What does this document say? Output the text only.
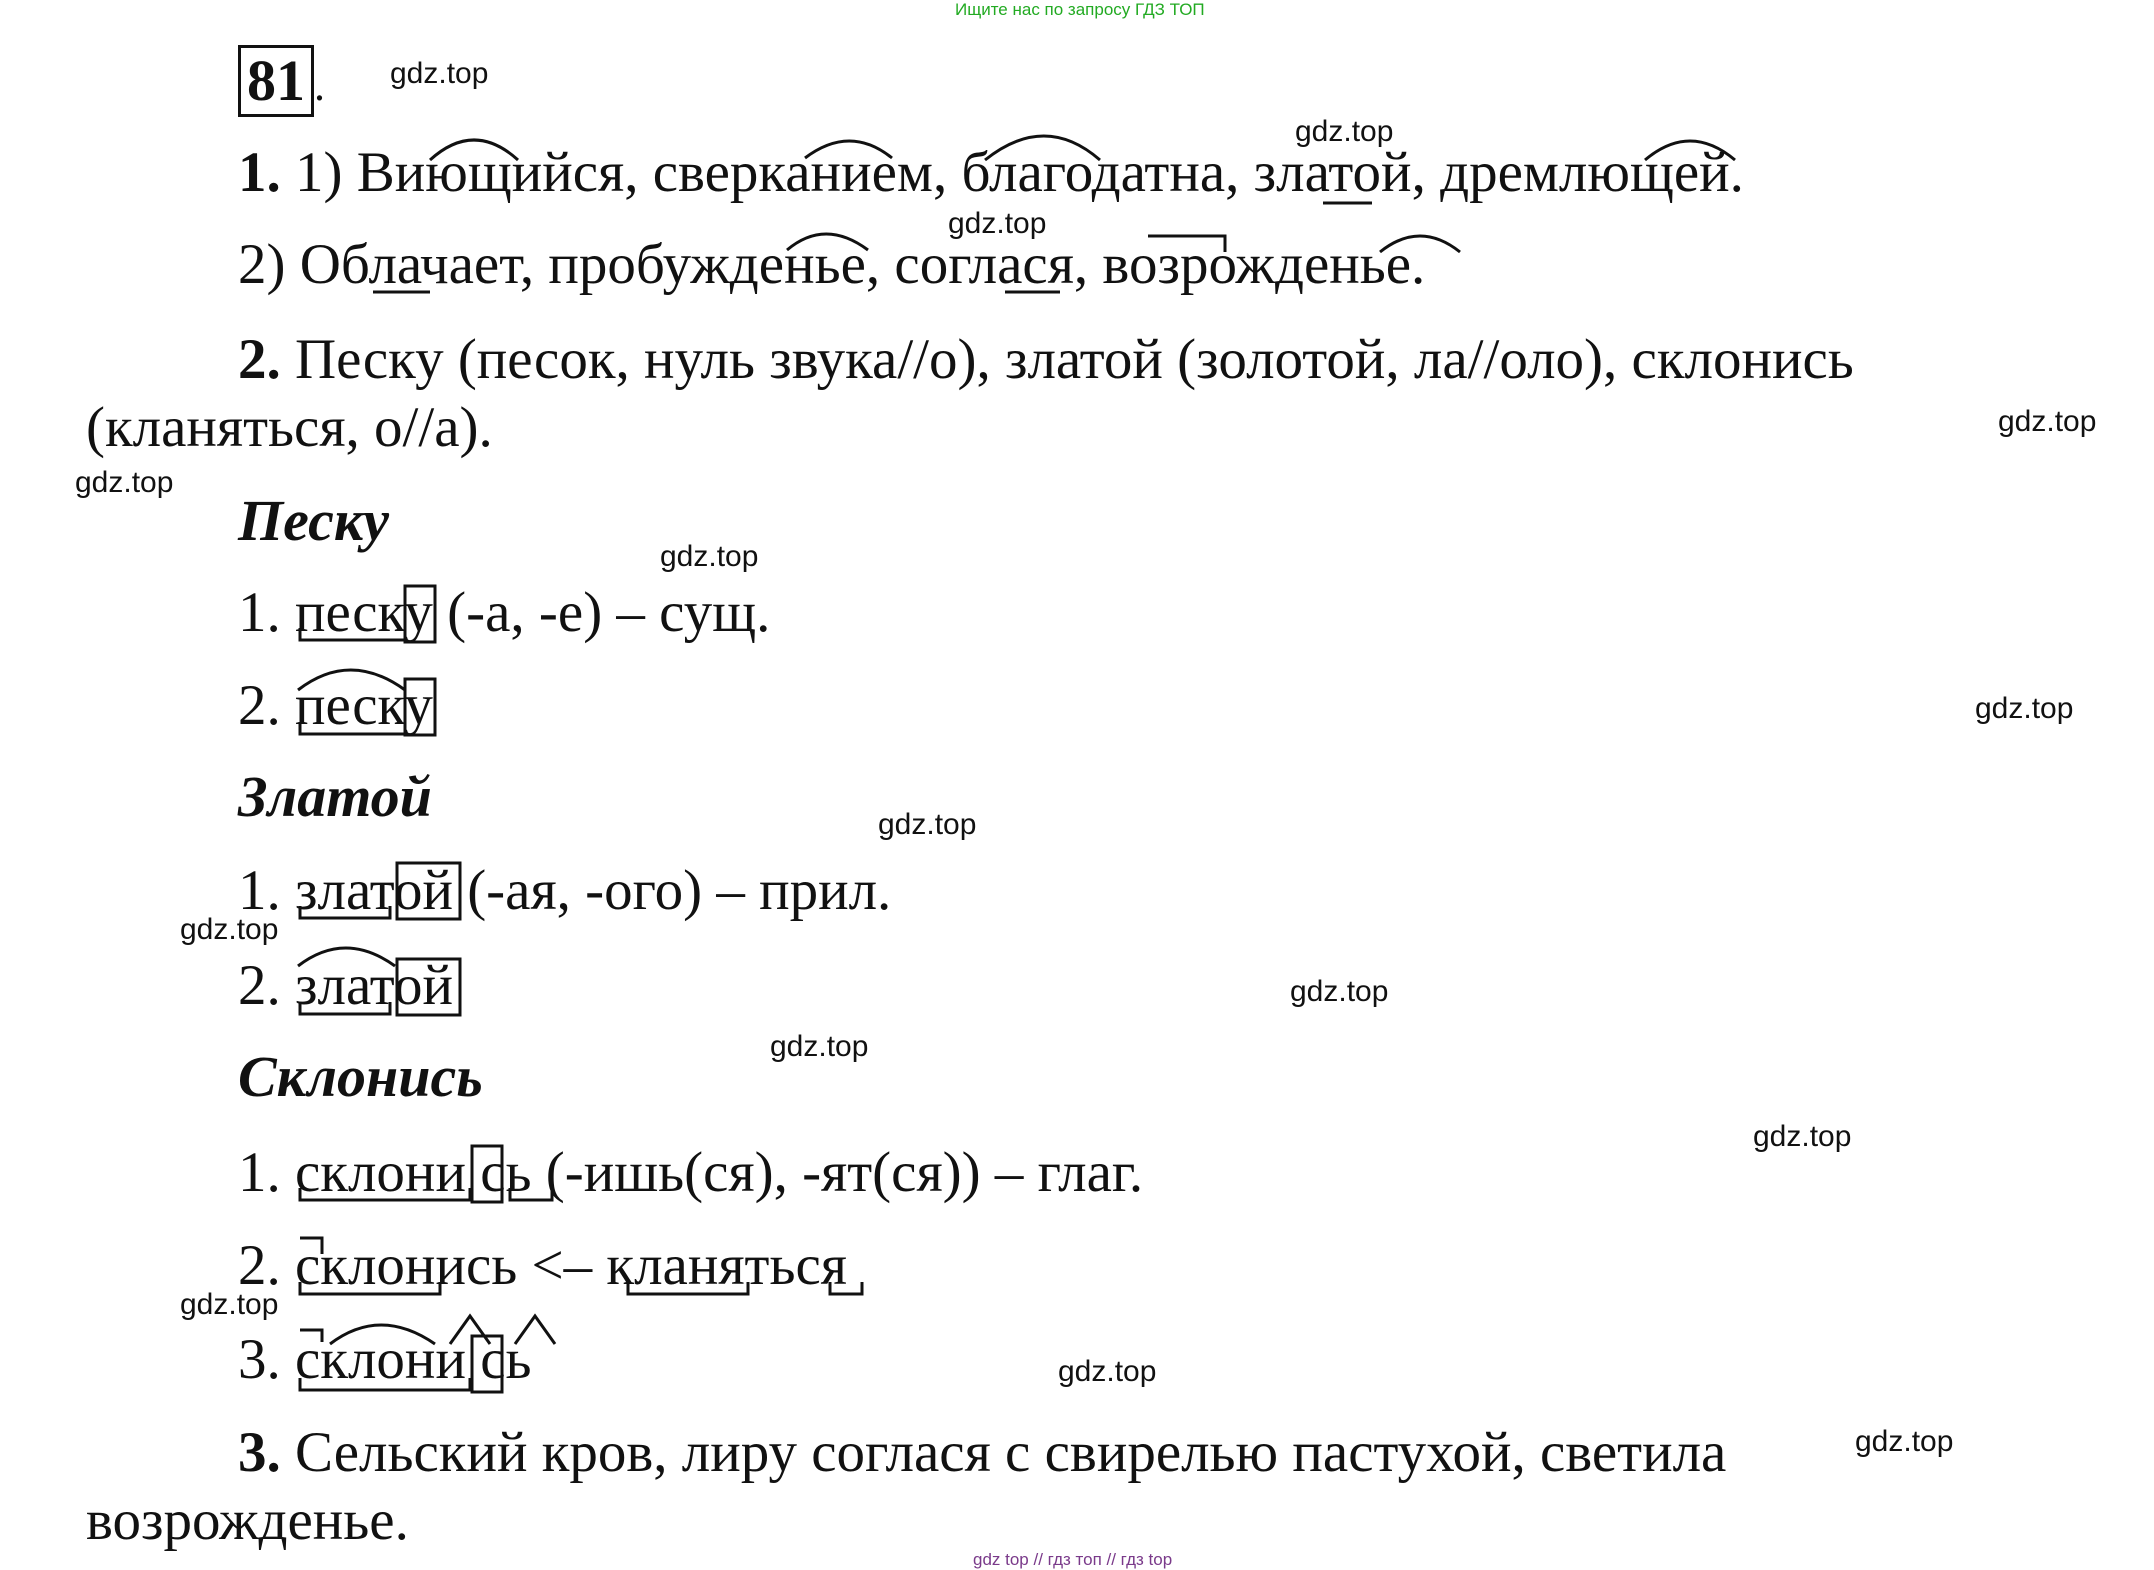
Ищите нас по запросу ГДЗ ТОП
81 .
1. 1) Виющийся, сверканием, благодатна, златой, дремлющей.
2) Облачает, пробужденье, соглася, возрожденье.
2. Песку (песок, нуль звука//о), златой (золотой, ла//оло), склонись
(кланяться, о//а).
Песку
1. песку (-а, -е) – сущ.
2. песку
Златой
1. златой (-ая, -ого) – прил.
2. златой
Склонись
1. склони сь (-ишь(ся), -ят(ся)) – глаг.
2. склонись <– кланяться
3. склони сь
3. Сельский кров, лиру соглася с свирелью пастухой, светила
возрожденье.
gdz.top
gdz.top
gdz.top
gdz.top
gdz.top
gdz.top
gdz.top
gdz.top
gdz.top
gdz.top
gdz.top
gdz.top
gdz.top
gdz.top
gdz.top
gdz top // гдз топ // гдз top
